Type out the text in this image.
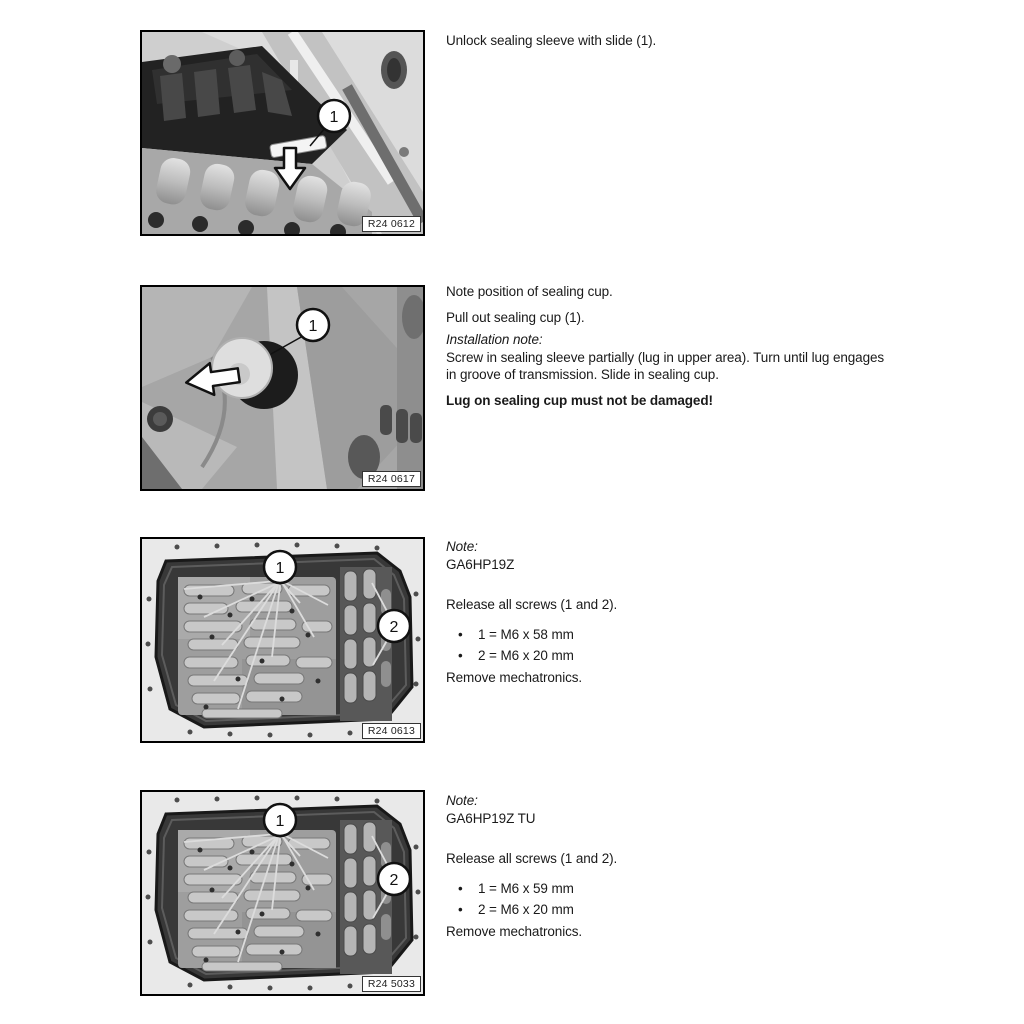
1
R24 0612

Unlock sealing sleeve with slide (1).

1
R24 0617

Note position of sealing cup.

Pull out sealing cup (1).

Installation note:

Screw in sealing sleeve partially (lug in upper area). Turn until lug engages in groove of transmission. Slide in sealing cup.

Lug on sealing cup must not be damaged!

1
2
R24 0613

Note:

GA6HP19Z

Release all screws (1 and 2).

•	1 = M6 x 58 mm
•	2 = M6 x 20 mm

Remove mechatronics.

1
2
R24 5033

Note:

GA6HP19Z TU

Release all screws (1 and 2).

•	1 = M6 x 59 mm
•	2 = M6 x 20 mm

Remove mechatronics.
